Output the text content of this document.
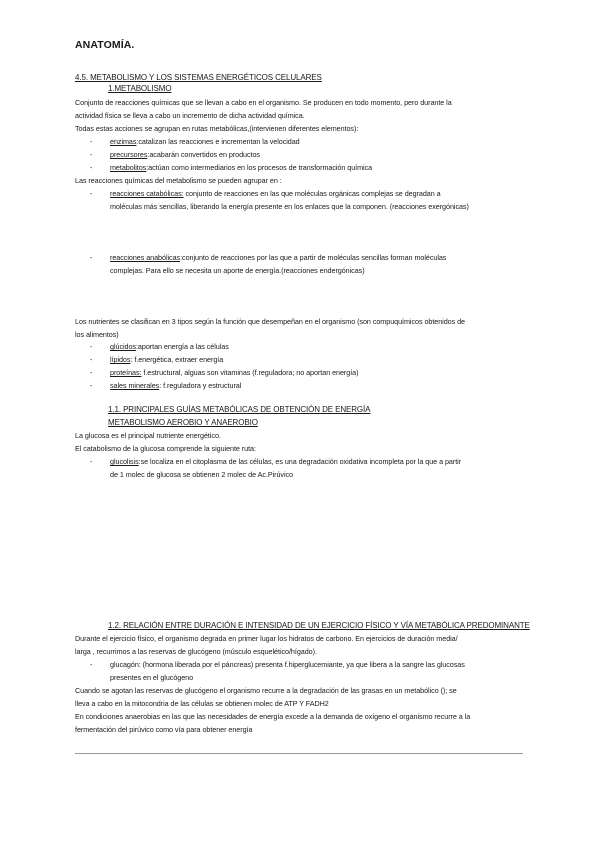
ANATOMÍA.
4.5. METABOLISMO Y LOS SISTEMAS ENERGÉTICOS CELULARES
1.METABOLISMO
Conjunto de reacciones químicas que se llevan a cabo en el organismo. Se producen en todo momento, pero durante la
actividad física se lleva a cabo un incremento de dicha actividad química.
Todas estas acciones se agrupan en rutas metabólicas,(intervienen diferentes elementos):
- enzimas:catalizan las reacciones e incrementan la velocidad
- precursores:acabarán convertidos en productos
- metabolitos:actúan como intermediarios en los procesos de transformación química
Las reacciones químicas del metabolismo se pueden agrupar en :
- reacciones catabólicas: conjunto de reacciones en las que moléculas orgánicas complejas se degradan a
moléculas más sencillas, liberando la energía presente en los enlaces que la componen. (reacciones exergónicas)
- reacciones anabólicas:conjunto de reacciones por las que a partir de moléculas sencillas forman moléculas
complejas. Para ello se necesita un aporte de energía.(reacciones endergónicas)
Los nutrientes se clasifican en 3 tipos según la función que desempeñan en el organismo (son compuquímicos obtenidos de
los alimentos)
- glúcidos:aportan energía a las células
- lípidos: f.energética, extraer energía
- proteínas: f.estructural, alguas son vitaminas (f.reguladora; no aportan energía)
- sales minerales: f.reguladora y estructural
1.1. PRINCIPALES GUÍAS METABÓLICAS DE OBTENCIÓN DE ENERGÍA
METABOLISMO AEROBIO Y ANAEROBIO
La glucosa es el principal nutriente energético.
El catabolismo de la glucosa comprende la siguiente ruta:
- glucolisis:se localiza en el citoplasma de las células, es una degradación oxidativa incompleta por la que a partir
de 1 molec de glucosa se obtienen 2 molec de Ac.Pirúvico
1.2. RELACIÓN ENTRE DURACIÓN E INTENSIDAD DE UN EJERCICIO FÍSICO Y VÍA METABÓLICA PREDOMINANTE
Durante el ejercicio físico, el organismo degrada en primer lugar los hidratos de carbono. En ejercicios de duración media/
larga , recurrimos a las reservas de glucógeno (músculo esquelético/hígado).
- glucagón: (hormona liberada por el páncreas) presenta f.hiperglucemiante, ya que libera a la sangre las glucosas
presentes en el glucógeno
Cuando se agotan las reservas de glucógeno el organismo recurre a la degradación de las grasas en un metabólico (); se
lleva a cabo en la mitocondria de las células se obtienen molec de ATP Y FADH2
En condiciones anaerobias en las que las necesidades de energía excede a la demanda de oxígeno el organismo recurre a la
fermentación del pirúvico como vía para obtener energía
